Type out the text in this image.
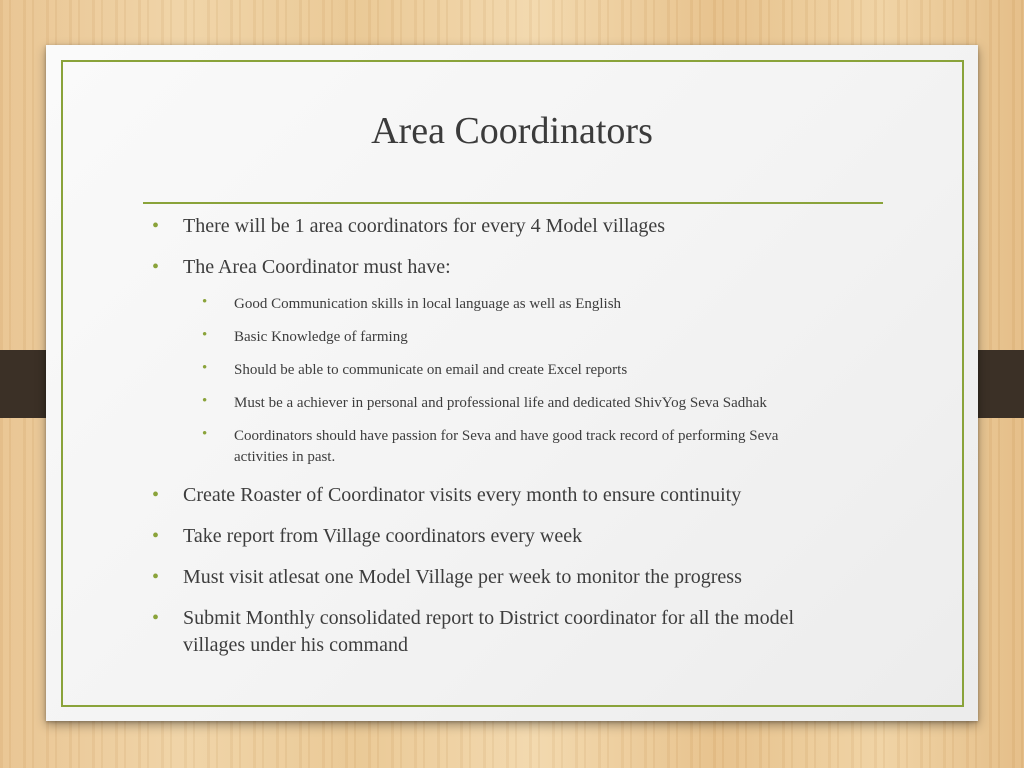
Area Coordinators
• There will be 1 area coordinators for every 4 Model villages
• The Area Coordinator must have:
• Good Communication skills in local language as well as English
• Basic Knowledge of farming
• Should be able to communicate on email and create Excel reports
• Must be a achiever in personal and professional life and dedicated ShivYog Seva Sadhak
• Coordinators should have passion for Seva and have good track record of performing Seva
activities in past.
• Create Roaster of Coordinator visits every month to ensure continuity
• Take report from Village coordinators every week
• Must visit atlesat one Model Village per week to monitor the progress
• Submit Monthly consolidated report to District coordinator for all the model
villages under his command
